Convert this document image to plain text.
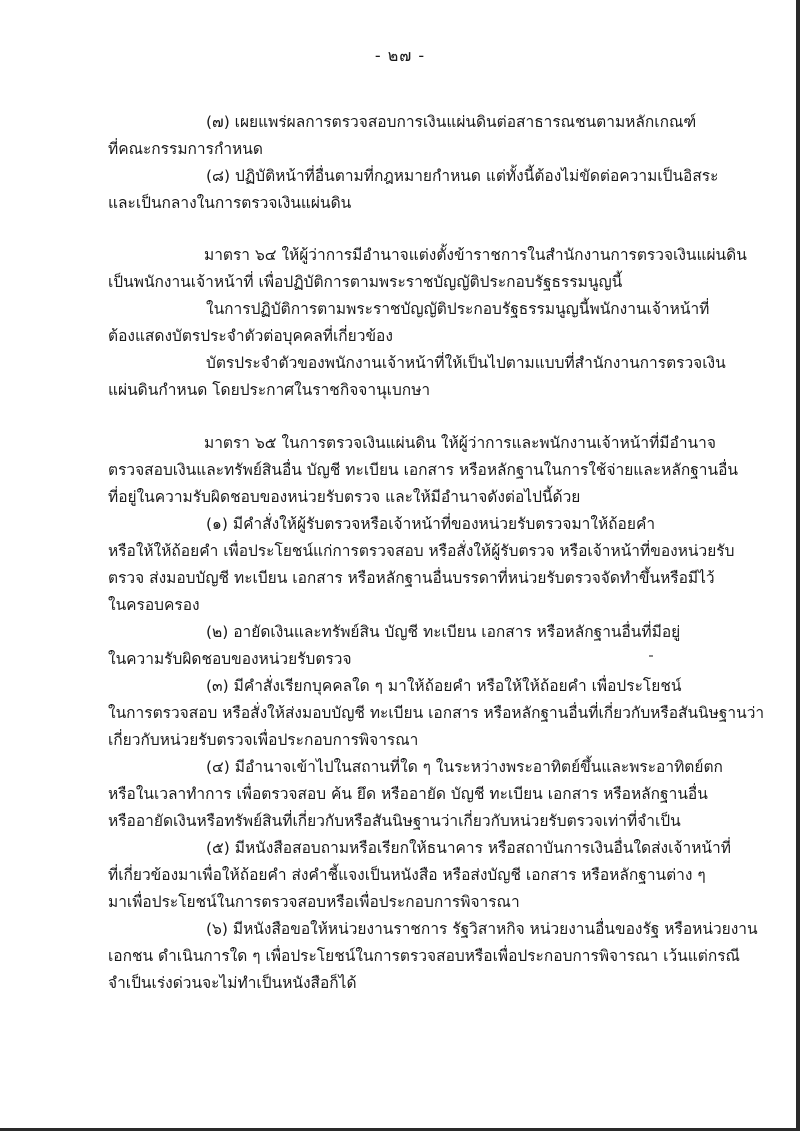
- ๒๗ -
(๗) เผยแพร่ผลการตรวจสอบการเงินแผ่นดินต่อสาธารณชนตามหลักเกณฑ์
ที่คณะกรรมการกำหนด
(๘) ปฏิบัติหน้าที่อื่นตามที่กฎหมายกำหนด แต่ทั้งนี้ต้องไม่ขัดต่อความเป็นอิสระ
และเป็นกลางในการตรวจเงินแผ่นดิน
มาตรา ๖๔ ให้ผู้ว่าการมีอำนาจแต่งตั้งข้าราชการในสำนักงานการตรวจเงินแผ่นดิน
เป็นพนักงานเจ้าหน้าที่ เพื่อปฏิบัติการตามพระราชบัญญัติประกอบรัฐธรรมนูญนี้
ในการปฏิบัติการตามพระราชบัญญัติประกอบรัฐธรรมนูญนี้พนักงานเจ้าหน้าที่
ต้องแสดงบัตรประจำตัวต่อบุคคลที่เกี่ยวข้อง
บัตรประจำตัวของพนักงานเจ้าหน้าที่ให้เป็นไปตามแบบที่สำนักงานการตรวจเงิน
แผ่นดินกำหนด โดยประกาศในราชกิจจานุเบกษา
มาตรา ๖๕ ในการตรวจเงินแผ่นดิน ให้ผู้ว่าการและพนักงานเจ้าหน้าที่มีอำนาจ
ตรวจสอบเงินและทรัพย์สินอื่น บัญชี ทะเบียน เอกสาร หรือหลักฐานในการใช้จ่ายและหลักฐานอื่น
ที่อยู่ในความรับผิดชอบของหน่วยรับตรวจ และให้มีอำนาจดังต่อไปนี้ด้วย
(๑) มีคำสั่งให้ผู้รับตรวจหรือเจ้าหน้าที่ของหน่วยรับตรวจมาให้ถ้อยคำ
หรือให้ให้ถ้อยคำ เพื่อประโยชน์แก่การตรวจสอบ หรือสั่งให้ผู้รับตรวจ หรือเจ้าหน้าที่ของหน่วยรับ
ตรวจ ส่งมอบบัญชี ทะเบียน เอกสาร หรือหลักฐานอื่นบรรดาที่หน่วยรับตรวจจัดทำขึ้นหรือมีไว้
ในครอบครอง
(๒) อายัดเงินและทรัพย์สิน บัญชี ทะเบียน เอกสาร หรือหลักฐานอื่นที่มีอยู่
ในความรับผิดชอบของหน่วยรับตรวจ
(๓) มีคำสั่งเรียกบุคคลใด ๆ มาให้ถ้อยคำ หรือให้ให้ถ้อยคำ เพื่อประโยชน์
ในการตรวจสอบ หรือสั่งให้ส่งมอบบัญชี ทะเบียน เอกสาร หรือหลักฐานอื่นที่เกี่ยวกับหรือสันนิษฐานว่า
เกี่ยวกับหน่วยรับตรวจเพื่อประกอบการพิจารณา
(๔) มีอำนาจเข้าไปในสถานที่ใด ๆ ในระหว่างพระอาทิตย์ขึ้นและพระอาทิตย์ตก
หรือในเวลาทำการ เพื่อตรวจสอบ ค้น ยึด หรืออายัด บัญชี ทะเบียน เอกสาร หรือหลักฐานอื่น
หรืออายัดเงินหรือทรัพย์สินที่เกี่ยวกับหรือสันนิษฐานว่าเกี่ยวกับหน่วยรับตรวจเท่าที่จำเป็น
(๕) มีหนังสือสอบถามหรือเรียกให้ธนาคาร หรือสถาบันการเงินอื่นใดส่งเจ้าหน้าที่
ที่เกี่ยวข้องมาเพื่อให้ถ้อยคำ ส่งคำชี้แจงเป็นหนังสือ หรือส่งบัญชี เอกสาร หรือหลักฐานต่าง ๆ
มาเพื่อประโยชน์ในการตรวจสอบหรือเพื่อประกอบการพิจารณา
(๖) มีหนังสือขอให้หน่วยงานราชการ รัฐวิสาหกิจ หน่วยงานอื่นของรัฐ หรือหน่วยงาน
เอกชน ดำเนินการใด ๆ เพื่อประโยชน์ในการตรวจสอบหรือเพื่อประกอบการพิจารณา เว้นแต่กรณี
จำเป็นเร่งด่วนจะไม่ทำเป็นหนังสือก็ได้
